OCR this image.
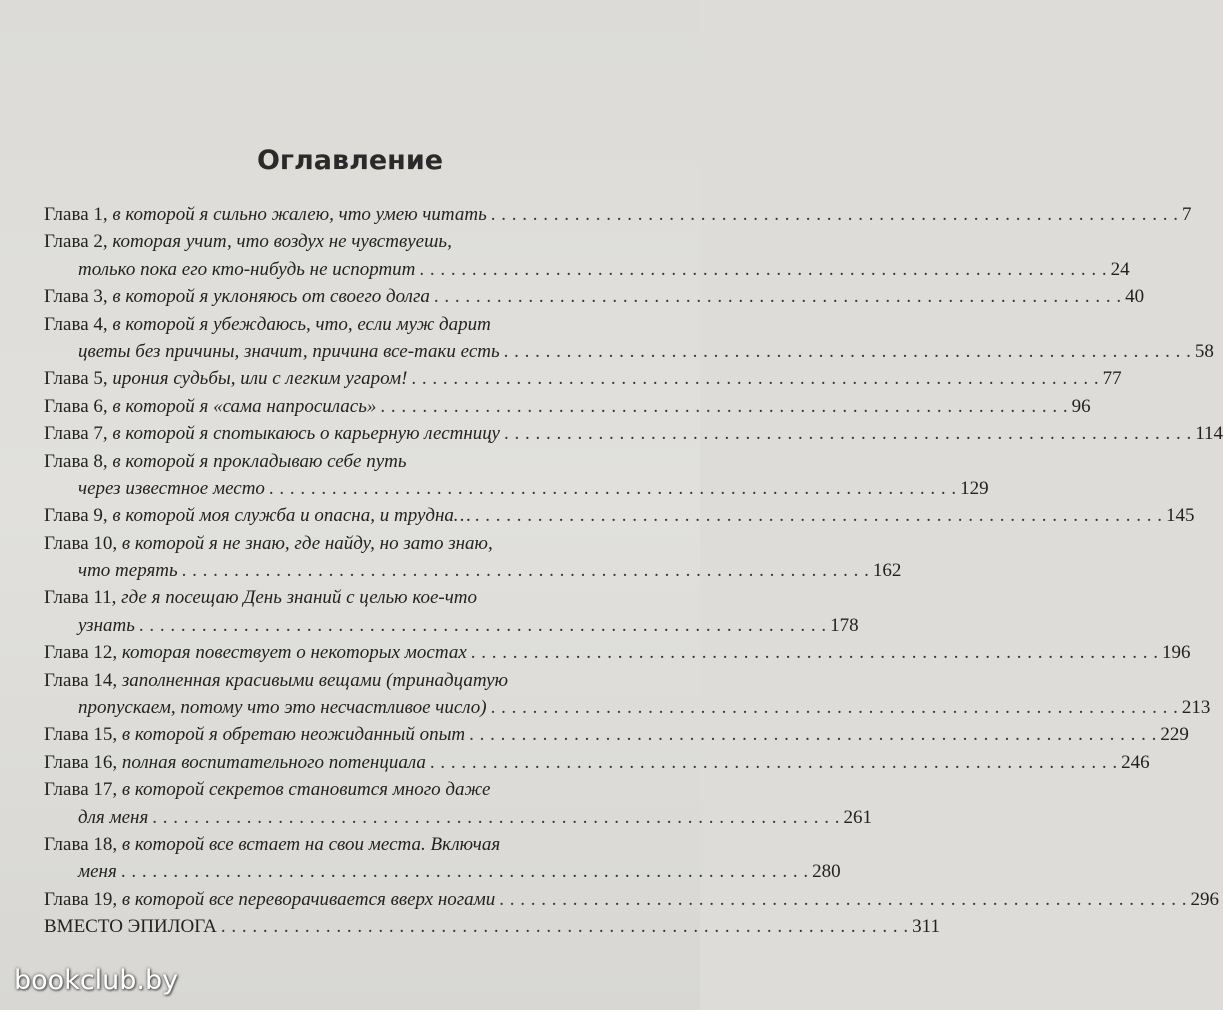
Оглавление
Глава 1, в которой я сильно жалею, что умею читать . . .	7
Глава 2, которая учит, что воздух не чувствуешь,
только пока его кто-нибудь не испортит . . .	24
Глава 3, в которой я уклоняюсь от своего долга . . .	40
Глава 4, в которой я убеждаюсь, что, если муж дарит
цветы без причины, значит, причина все-таки есть . . .	58
Глава 5, ирония судьбы, или с легким угаром! . . .	77
Глава 6, в которой я «сама напросилась» . . .	96
Глава 7, в которой я спотыкаюсь о карьерную лестницу . . .	114
Глава 8, в которой я прокладываю себе путь
через известное место . . .	129
Глава 9, в которой моя служба и опасна, и трудна… . . .	145
Глава 10, в которой я не знаю, где найду, но зато знаю,
что терять . . .	162
Глава 11, где я посещаю День знаний с целью кое-что
узнать . . .	178
Глава 12, которая повествует о некоторых мостах . . .	196
Глава 14, заполненная красивыми вещами (тринадцатую
пропускаем, потому что это несчастливое число) . . .	213
Глава 15, в которой я обретаю неожиданный опыт . . .	229
Глава 16, полная воспитательного потенциала . . .	246
Глава 17, в которой секретов становится много даже
для меня . . .	261
Глава 18, в которой все встает на свои места. Включая
меня . . .	280
Глава 19, в которой все переворачивается вверх ногами . . .	296
ВМЕСТО ЭПИЛОГА . . .	311
bookclub.by
